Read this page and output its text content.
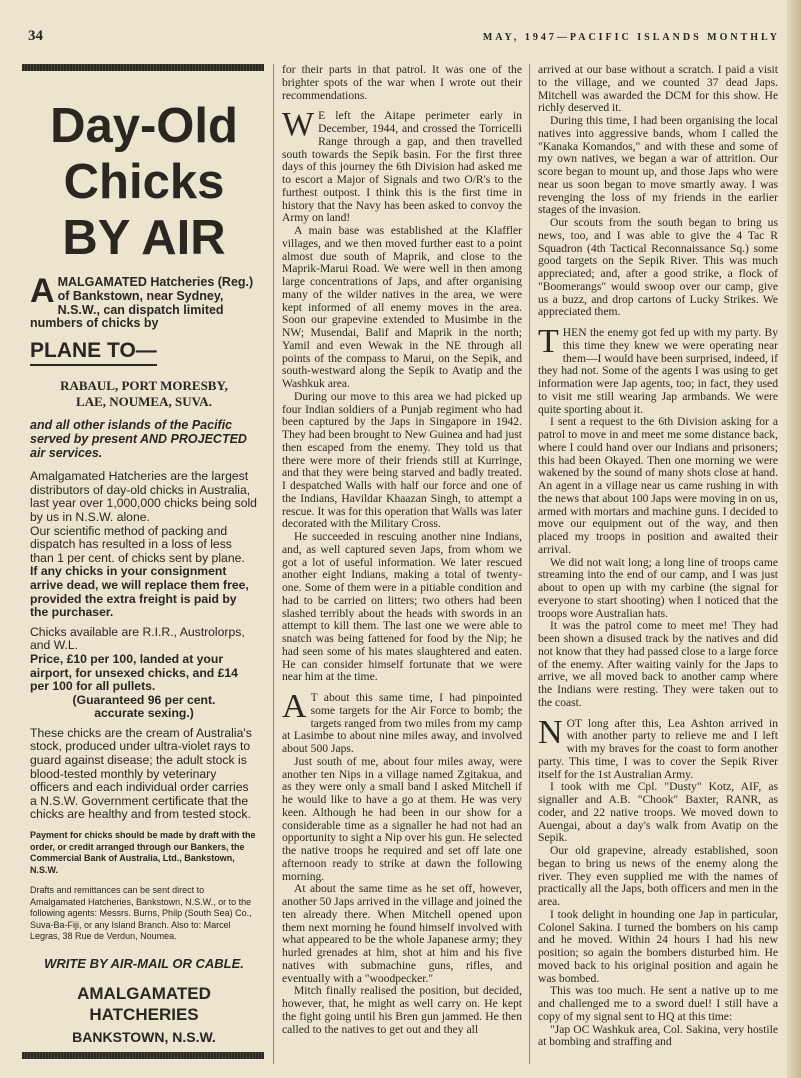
34	MAY, 1947—PACIFIC ISLANDS MONTHLY
Day-Old
Chicks
BY AIR

AMALGAMATED Hatcheries (Reg.) of Bankstown, near Sydney, N.S.W., can dispatch limited numbers of chicks by

PLANE TO—
RABAUL, PORT MORESBY,
LAE, NOUMEA, SUVA.

and all other islands of the Pacific served by present AND PROJECTED air services.

Amalgamated Hatcheries are the largest distributors of day-old chicks in Australia, last year over 1,000,000 chicks being sold by us in N.S.W. alone.

Our scientific method of packing and dispatch has resulted in a loss of less than 1 per cent. of chicks sent by plane.

If any chicks in your consignment arrive dead, we will replace them free, provided the extra freight is paid by the purchaser.

Chicks available are R.I.R., Austrolorps, and W.L.

Price, £10 per 100, landed at your airport, for unsexed chicks, and £14 per 100 for all pullets.

(Guaranteed 96 per cent.
accurate sexing.)

These chicks are the cream of Australia's stock, produced under ultra-violet rays to guard against disease; the adult stock is blood-tested monthly by veterinary officers and each individual order carries a N.S.W. Government certificate that the chicks are healthy and from tested stock.

Payment for chicks should be made by draft with the order, or credit arranged through our Bankers, the Commercial Bank of Australia, Ltd., Bankstown, N.S.W.

Drafts and remittances can be sent direct to Amalgamated Hatcheries, Bankstown, N.S.W., or to the following agents: Messrs. Burns, Philp (South Sea) Co., Suva-Ba-Fiji, or any Island Branch. Also to: Marcel Legras, 38 Rue de Verdun, Noumea.

WRITE BY AIR-MAIL OR CABLE.
AMALGAMATED
HATCHERIES
BANKSTOWN, N.S.W.

for their parts in that patrol. It was one of the brighter spots of the war when I wrote out their recommendations.

W E left the Aitape perimeter early in December, 1944, and crossed the Torricelli Range through a gap, and then travelled south towards the Sepik basin. For the first three days of this journey the 6th Division had asked me to escort a Major of Signals and two O/R's to the furthest outpost. I think this is the first time in history that the Navy has been asked to convoy the Army on land!

A main base was established at the Klaffler villages, and we then moved further east to a point almost due south of Maprik, and close to the Maprik-Marui Road. We were well in then among large concentrations of Japs, and after organising many of the wilder natives in the area, we were kept informed of all enemy moves in the area. Soon our grapevine extended to Musimbe in the NW; Musendai, Balif and Maprik in the north; Yamil and even Wewak in the NE through all points of the compass to Marui, on the Sepik, and south-westward along the Sepik to Avatip and the Washkuk area.

During our move to this area we had picked up four Indian soldiers of a Punjab regiment who had been captured by the Japs in Singapore in 1942. They had been brought to New Guinea and had just then escaped from the enemy. They told us that there were more of their friends still at Kurringe, and that they were being starved and badly treated. I despatched Walls with half our force and one of the Indians, Havildar Khaazan Singh, to attempt a rescue. It was for this operation that Walls was later decorated with the Military Cross.

He succeeded in rescuing another nine Indians, and, as well captured seven Japs, from whom we got a lot of useful information. We later rescued another eight Indians, making a total of twenty-one. Some of them were in a pitiable condition and had to be carried on litters; two others had been slashed terribly about the heads with swords in an attempt to kill them. The last one we were able to snatch was being fattened for food by the Nip; he had seen some of his mates slaughtered and eaten. He can consider himself fortunate that we were near him at the time.

A T about this same time, I had pinpointed some targets for the Air Force to bomb; the targets ranged from two miles from my camp at Lasimbe to about nine miles away, and involved about 500 Japs.

Just south of me, about four miles away, were another ten Nips in a village named Zgitakua, and as they were only a small band I asked Mitchell if he would like to have a go at them. He was very keen. Although he had been in our show for a considerable time as a signaller he had not had an opportunity to sight a Nip over his gun. He selected the native troops he required and set off late one afternoon ready to strike at dawn the following morning.

At about the same time as he set off, however, another 50 Japs arrived in the village and joined the ten already there. When Mitchell opened upon them next morning he found himself involved with what appeared to be the whole Japanese army; they hurled grenades at him, shot at him and his five natives with submachine guns, rifles, and eventually with a "woodpecker."

Mitch finally realised the position, but decided, however, that, he might as well carry on. He kept the fight going until his Bren gun jammed. He then called to the natives to get out and they all

arrived at our base without a scratch. I paid a visit to the village, and we counted 37 dead Japs. Mitchell was awarded the DCM for this show. He richly deserved it.

During this time, I had been organising the local natives into aggressive bands, whom I called the "Kanaka Komandos," and with these and some of my own natives, we began a war of attrition. Our score began to mount up, and those Japs who were near us soon began to move smartly away. I was revenging the loss of my friends in the earlier stages of the invasion.

Our scouts from the south began to bring us news, too, and I was able to give the 4 Tac R Squadron (4th Tactical Reconnaissance Sq.) some good targets on the Sepik River. This was much appreciated; and, after a good strike, a flock of "Boomerangs" would swoop over our camp, give us a buzz, and drop cartons of Lucky Strikes. We appreciated them.

THEN the enemy got fed up with my party. By this time they knew we were operating near them—I would have been surprised, indeed, if they had not. Some of the agents I was using to get information were Jap agents, too; in fact, they used to visit me still wearing Jap armbands. We were quite sporting about it.

I sent a request to the 6th Division asking for a patrol to move in and meet me some distance back, where I could hand over our Indians and prisoners; this had been Okayed. Then one morning we were wakened by the sound of many shots close at hand. An agent in a village near us came rushing in with the news that about 100 Japs were moving in on us, armed with mortars and machine guns. I decided to move our equipment out of the way, and then placed my troops in position and awaited their arrival.

We did not wait long; a long line of troops came streaming into the end of our camp, and I was just about to open up with my carbine (the signal for everyone to start shooting) when I noticed that the troops wore Australian hats.

It was the patrol come to meet me! They had been shown a disused track by the natives and did not know that they had passed close to a large force of the enemy. After waiting vainly for the Japs to arrive, we all moved back to another camp where the Indians were resting. They were taken out to the coast.

NOT long after this, Lea Ashton arrived in with another party to relieve me and I left with my braves for the coast to form another party. This time, I was to cover the Sepik River itself for the 1st Australian Army.

I took with me Cpl. "Dusty" Kotz, AIF, as signaller and A.B. "Chook" Baxter, RANR, as coder, and 22 native troops. We moved down to Auengai, about a day's walk from Avatip on the Sepik.

Our old grapevine, already established, soon began to bring us news of the enemy along the river. They even supplied me with the names of practically all the Japs, both officers and men in the area.

I took delight in hounding one Jap in particular, Colonel Sakina. I turned the bombers on his camp and he moved. Within 24 hours I had his new position; so again the bombers disturbed him. He moved back to his original position and again he was bombed.

This was too much. He sent a native up to me and challenged me to a sword duel! I still have a copy of my signal sent to HQ at this time:

"Jap OC Washkuk area, Col. Sakina, very hostile at bombing and straffing and
